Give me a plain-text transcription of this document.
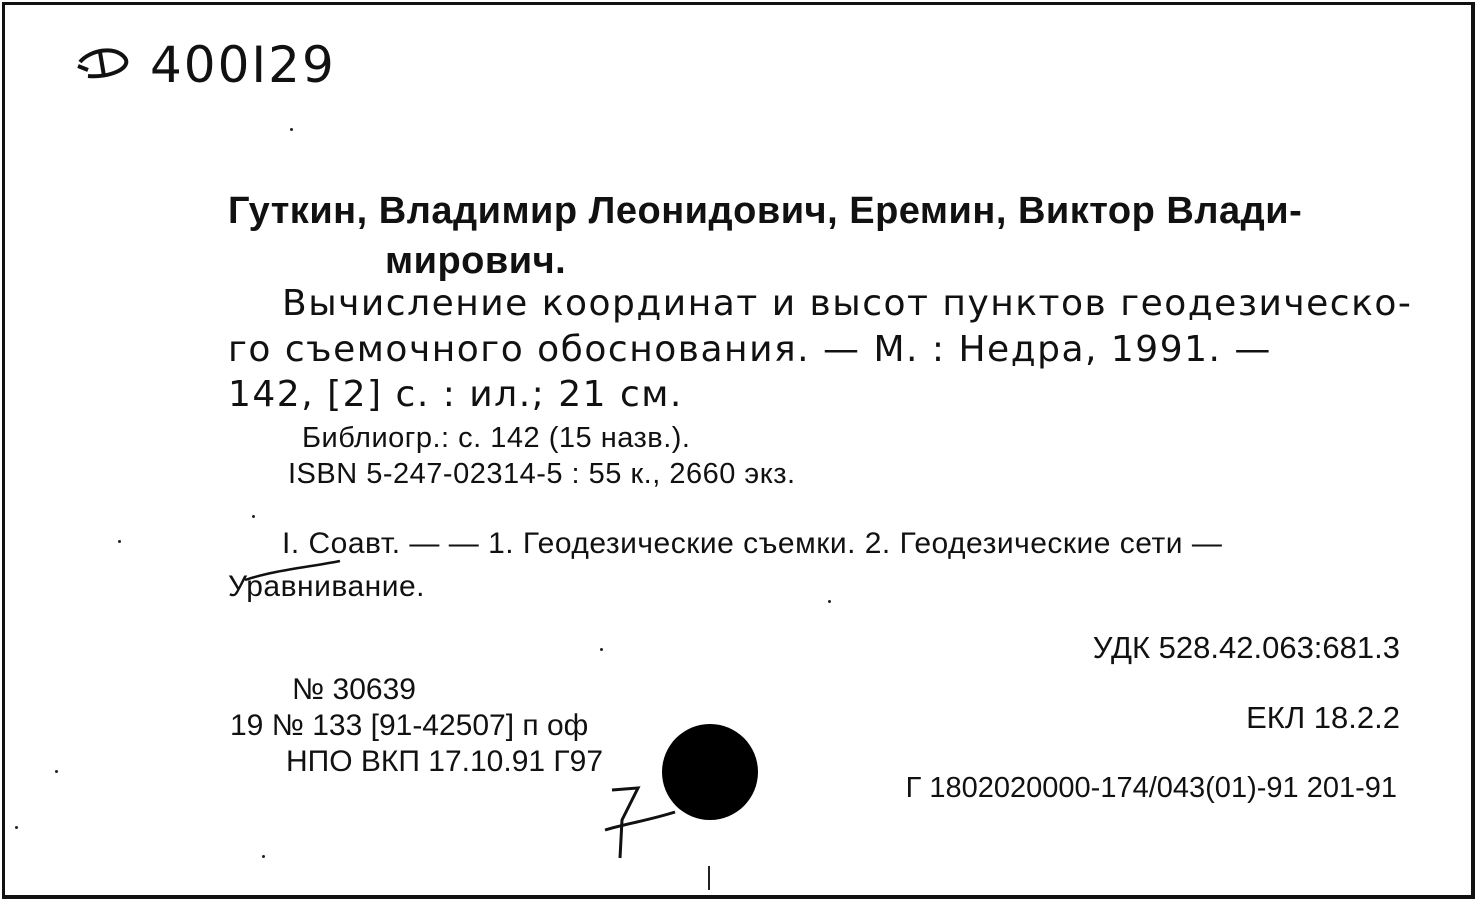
400I29
Гуткин, Владимир Леонидович, Еремин, Виктор Влади-
мирович.
Вычисление координат и высот пунктов геодезическо-
го съемочного обоснования. — М. : Недра, 1991. —
142, [2] с. : ил.; 21 см.
Библиогр.: с. 142 (15 назв.).
ISBN 5-247-02314-5 : 55 к., 2660 экз.
I. Соавт. — — 1. Геодезические съемки. 2. Геодезические сети —
Уравнивание.
УДК 528.42.063:681.3
ЕКЛ 18.2.2
Г 1802020000-174/043(01)-91 201-91
№ 30639
19 № 133 [91-42507] п оф
НПО ВКП 17.10.91 Г97
